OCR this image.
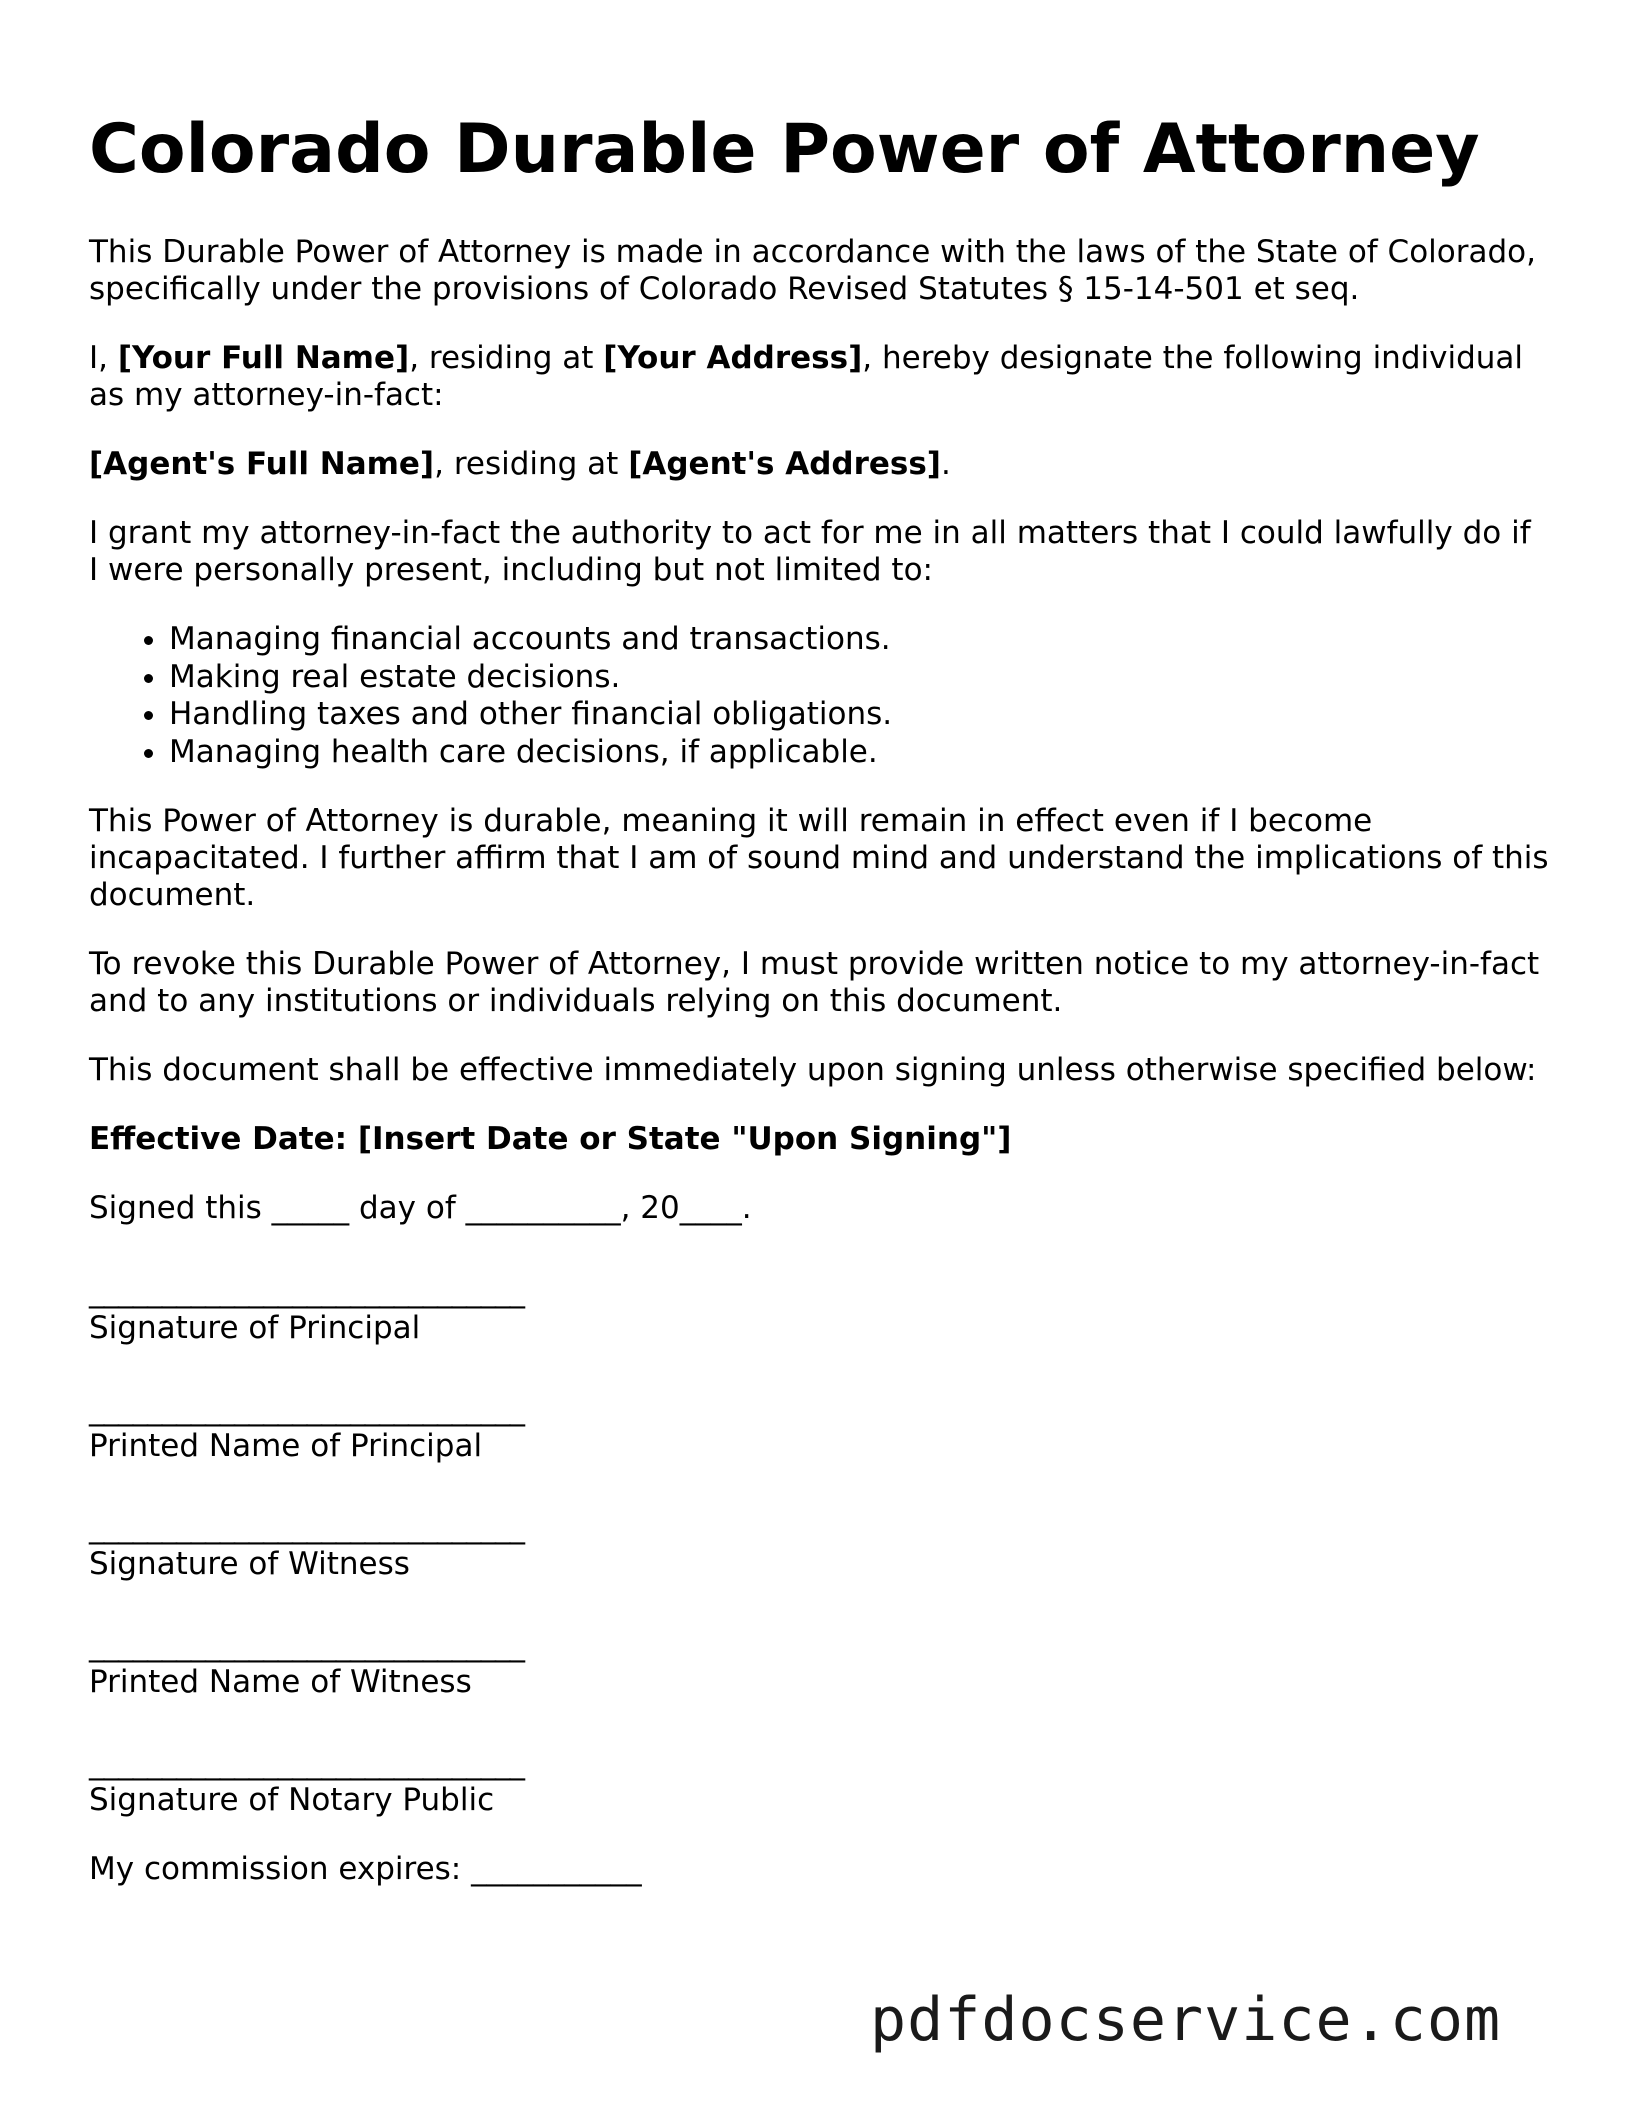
Colorado Durable Power of Attorney

This Durable Power of Attorney is made in accordance with the laws of the State of Colorado, specifically under the provisions of Colorado Revised Statutes § 15-14-501 et seq.

I, [Your Full Name], residing at [Your Address], hereby designate the following individual as my attorney-in-fact:

[Agent's Full Name], residing at [Agent's Address].

I grant my attorney-in-fact the authority to act for me in all matters that I could lawfully do if I were personally present, including but not limited to:

• Managing financial accounts and transactions.
• Making real estate decisions.
• Handling taxes and other financial obligations.
• Managing health care decisions, if applicable.

This Power of Attorney is durable, meaning it will remain in effect even if I become incapacitated. I further affirm that I am of sound mind and understand the implications of this document.

To revoke this Durable Power of Attorney, I must provide written notice to my attorney-in-fact and to any institutions or individuals relying on this document.

This document shall be effective immediately upon signing unless otherwise specified below:

Effective Date: [Insert Date or State "Upon Signing"]

Signed this _____ day of __________, 20____.

______________________________
Signature of Principal
______________________________
Printed Name of Principal
______________________________
Signature of Witness
______________________________
Printed Name of Witness
______________________________
Signature of Notary Public

My commission expires: ___________

pdfdocservice.com
